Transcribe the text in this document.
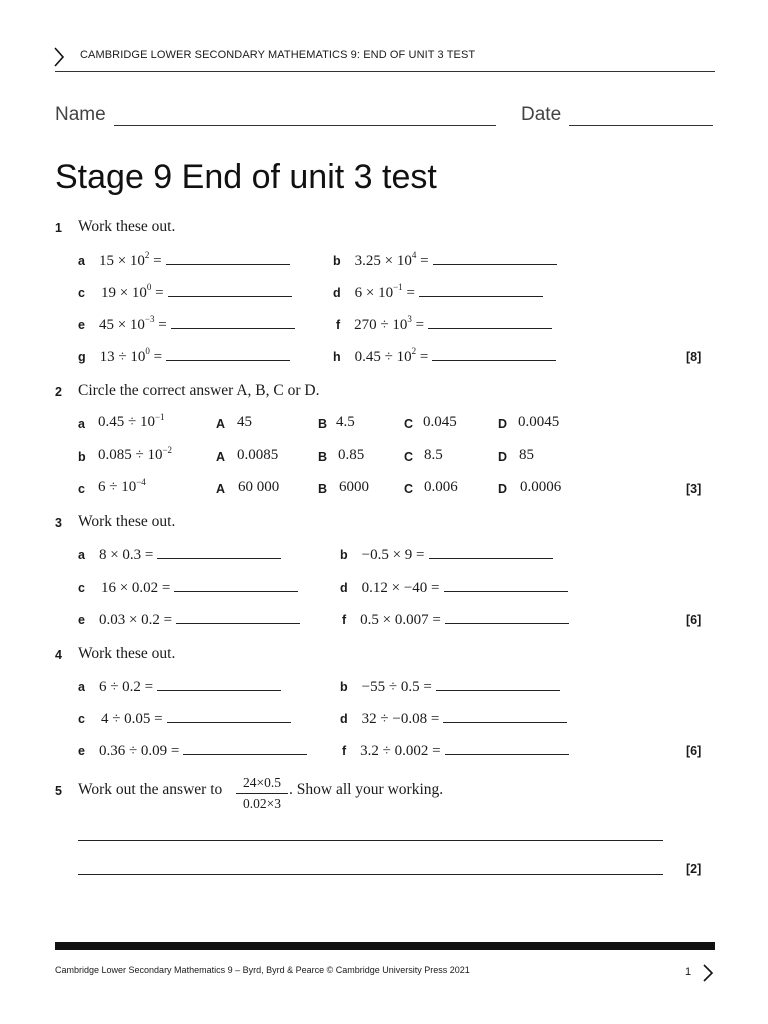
CAMBRIDGE LOWER SECONDARY MATHEMATICS 9: END OF UNIT 3 TEST
Name	Date
Stage 9 End of unit 3 test
1 Work these out.
a $15 \times 10^2$ =	b $3.25 \times 10^4$ =
c $19 \times 10^0$ =	d $6 \times 10^{-1}$ =
e $45 \times 10^{-3}$ =	f $270 \div 10^3$ =
g $13 \div 10^0$ =	h $0.45 \div 10^2$ =	[8]
2 Circle the correct answer A, B, C or D.
a $0.45 \div 10^{-1}$	A 45	B 4.5	C 0.045	D 0.0045
b $0.085 \div 10^{-2}$	A 0.0085	B 0.85	C 8.5	D 85
c $6 \div 10^{-4}$	A 60 000	B 6000	C 0.006	D 0.0006	[3]
3 Work these out.
a 8 × 0.3 =	b −0.5 × 9 =
c 16 × 0.02 =	d 0.12 × −40 =
e 0.03 × 0.2 =	f 0.5 × 0.007 =	[6]
4 Work these out.
a 6 ÷ 0.2 =	b −55 ÷ 0.5 =
c 4 ÷ 0.05 =	d 32 ÷ −0.08 =
e 0.36 ÷ 0.09 =	f 3.2 ÷ 0.002 =	[6]
5 Work out the answer to $\frac{24\times 0.5}{0.02\times 3}$ . Show all your working.
[2]
Cambridge Lower Secondary Mathematics 9 – Byrd, Byrd & Pearce © Cambridge University Press 2021	1
